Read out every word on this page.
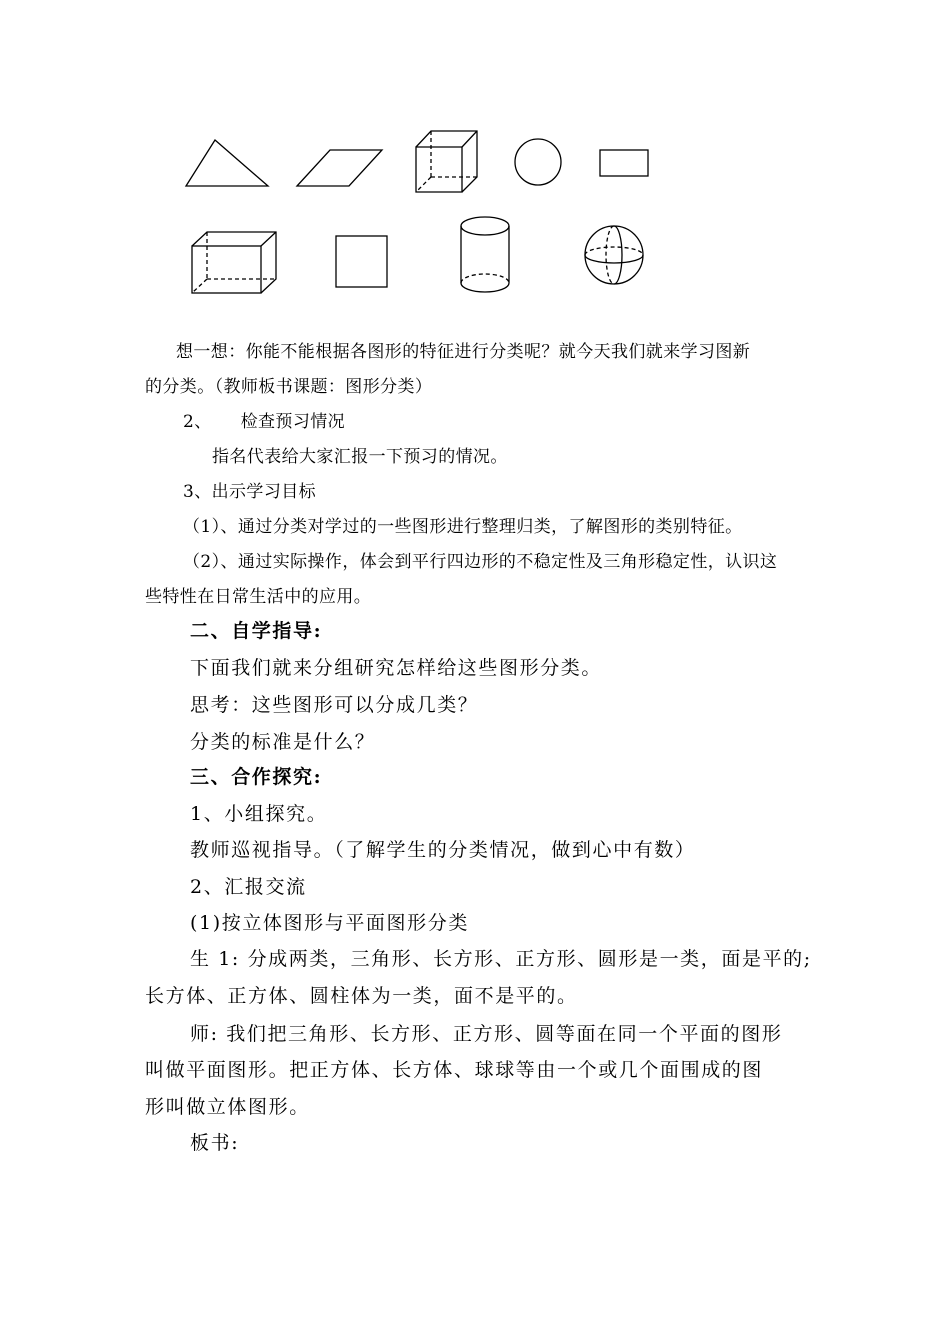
想一想：你能不能根据各图形的特征进行分类呢？就今天我们就来学习图新
的分类。（教师板书课题：图形分类）
2、     检查预习情况
指名代表给大家汇报一下预习的情况。
3、出示学习目标
（1）、通过分类对学过的一些图形进行整理归类，了解图形的类别特征。
（2）、通过实际操作，体会到平行四边形的不稳定性及三角形稳定性，认识这
些特性在日常生活中的应用。
二、自学指导:
下面我们就来分组研究怎样给这些图形分类。
思考：这些图形可以分成几类？
分类的标准是什么？
三、合作探究:
1、小组探究。
教师巡视指导。（了解学生的分类情况，做到心中有数）
2、汇报交流
(1)按立体图形与平面图形分类
生 1: 分成两类，三角形、长方形、正方形、圆形是一类，面是平的;
长方体、正方体、圆柱体为一类，面不是平的。
师: 我们把三角形、长方形、正方形、圆等面在同一个平面的图形
叫做平面图形。把正方体、长方体、球球等由一个或几个面围成的图
形叫做立体图形。
板书:
